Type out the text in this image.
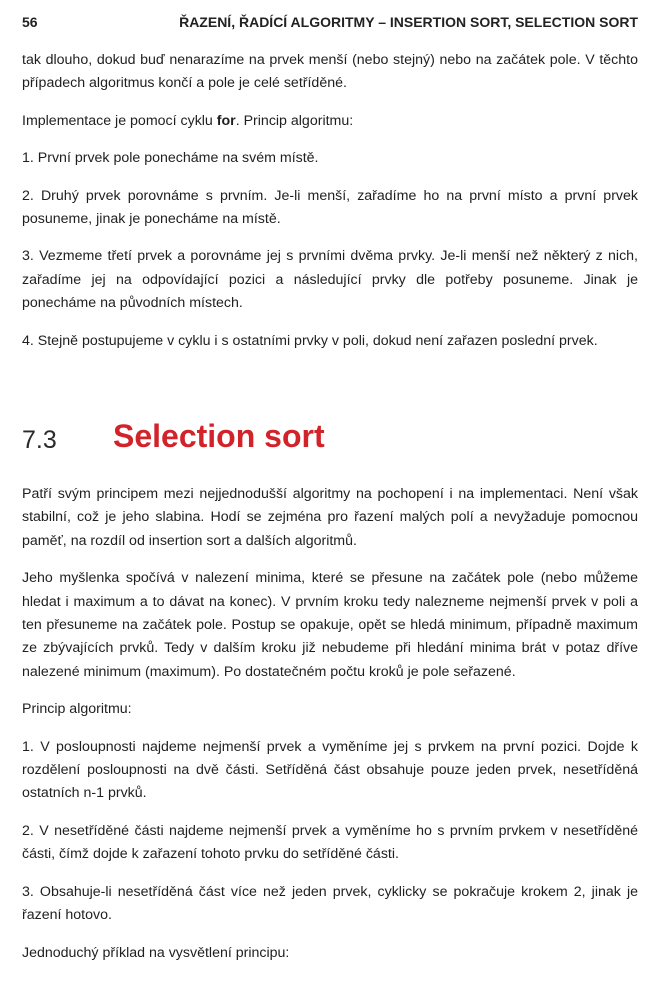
56	ŘAZENÍ, ŘADÍCÍ ALGORITMY – INSERTION SORT, SELECTION SORT

tak dlouho, dokud buď nenarazíme na prvek menší (nebo stejný) nebo na začátek pole. V těchto případech algoritmus končí a pole je celé setříděné.

Implementace je pomocí cyklu for. Princip algoritmu:

1. První prvek pole ponecháme na svém místě.

2. Druhý prvek porovnáme s prvním. Je-li menší, zařadíme ho na první místo a první prvek posuneme, jinak je ponecháme na místě.

3. Vezmeme třetí prvek a porovnáme jej s prvními dvěma prvky. Je-li menší než některý z nich, zařadíme jej na odpovídající pozici a následující prvky dle potřeby posuneme. Jinak je ponecháme na původních místech.

4. Stejně postupujeme v cyklu i s ostatními prvky v poli, dokud není zařazen poslední prvek.

7.3 Selection sort

Patří svým principem mezi nejjednodušší algoritmy na pochopení i na implementaci. Není však stabilní, což je jeho slabina. Hodí se zejména pro řazení malých polí a nevyžaduje pomocnou paměť, na rozdíl od insertion sort a dalších algoritmů.

Jeho myšlenka spočívá v nalezení minima, které se přesune na začátek pole (nebo můžeme hledat i maximum a to dávat na konec). V prvním kroku tedy nalezneme nejmenší prvek v poli a ten přesuneme na začátek pole. Postup se opakuje, opět se hledá minimum, případně maximum ze zbývajících prvků. Tedy v dalším kroku již nebudeme při hledání minima brát v potaz dříve nalezené minimum (maximum). Po dostatečném počtu kroků je pole seřazené.

Princip algoritmu:

1. V posloupnosti najdeme nejmenší prvek a vyměníme jej s prvkem na první pozici. Dojde k rozdělení posloupnosti na dvě části. Setříděná část obsahuje pouze jeden prvek, nesetříděná ostatních n-1 prvků.

2. V nesetříděné části najdeme nejmenší prvek a vyměníme ho s prvním prvkem v nesetříděné části, čímž dojde k zařazení tohoto prvku do setříděné části.

3. Obsahuje-li nesetříděná část více než jeden prvek, cyklicky se pokračuje krokem 2, jinak je řazení hotovo.

Jednoduchý příklad na vysvětlení principu:
